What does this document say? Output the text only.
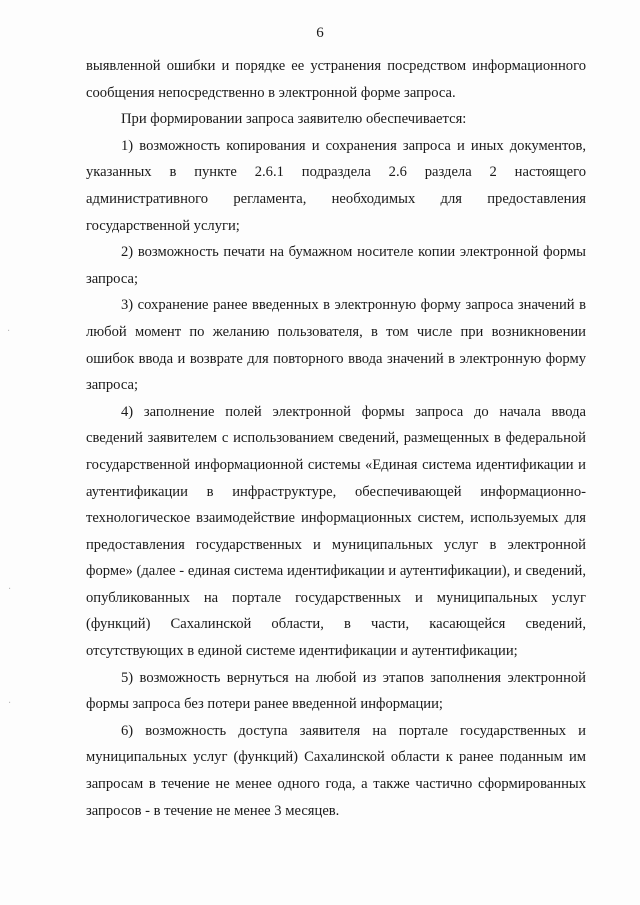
6

выявленной ошибки и порядке ее устранения посредством информационного сообщения непосредственно в электронной форме запроса.

При формировании запроса заявителю обеспечивается:

1) возможность копирования и сохранения запроса и иных документов, указанных в пункте 2.6.1 подраздела 2.6 раздела 2 настоящего административного регламента, необходимых для предоставления государственной услуги;

2) возможность печати на бумажном носителе копии электронной формы запроса;

3) сохранение ранее введенных в электронную форму запроса значений в любой момент по желанию пользователя, в том числе при возникновении ошибок ввода и возврате для повторного ввода значений в электронную форму запроса;

4) заполнение полей электронной формы запроса до начала ввода сведений заявителем с использованием сведений, размещенных в федеральной государственной информационной системы «Единая система идентификации и аутентификации в инфраструктуре, обеспечивающей информационно-технологическое взаимодействие информационных систем, используемых для предоставления государственных и муниципальных услуг в электронной форме» (далее - единая система идентификации и аутентификации), и сведений, опубликованных на портале государственных и муниципальных услуг (функций) Сахалинской области, в части, касающейся сведений, отсутствующих в единой системе идентификации и аутентификации;

5) возможность вернуться на любой из этапов заполнения электронной формы запроса без потери ранее введенной информации;

6) возможность доступа заявителя на портале государственных и муниципальных услуг (функций) Сахалинской области к ранее поданным им запросам в течение не менее одного года, а также частично сформированных запросов - в течение не менее 3 месяцев.

·
·
·
